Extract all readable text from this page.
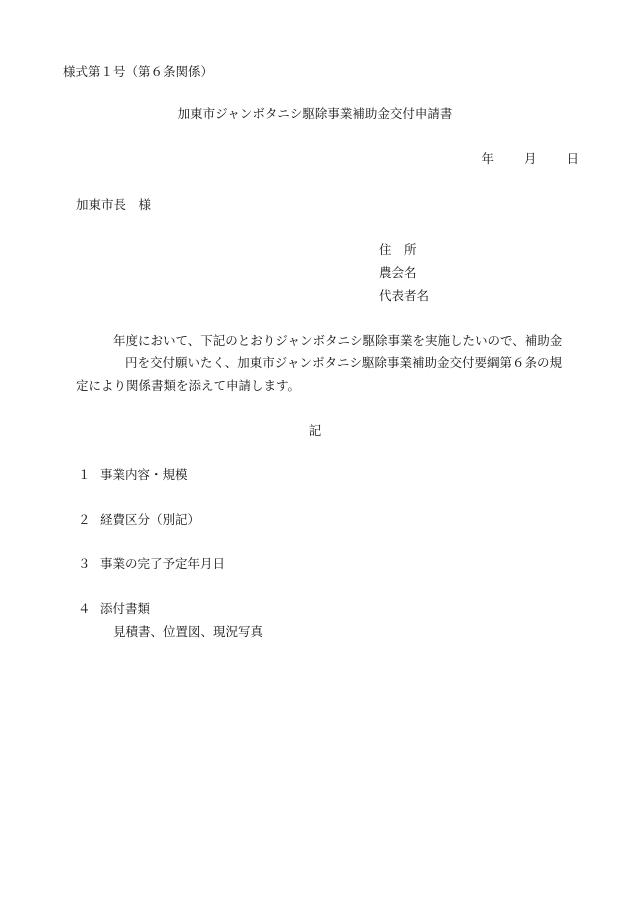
様式第１号（第６条関係）
加東市ジャンボタニシ駆除事業補助金交付申請書
年 月 日
加東市長　様
住　所
農会名
代表者名
年度において、下記のとおりジャンボタニシ駆除事業を実施したいので、補助金
円を交付願いたく、加東市ジャンボタニシ駆除事業補助金交付要綱第６条の規
定により関係書類を添えて申請します。
記
１ 事業内容・規模
２ 経費区分（別記）
３ 事業の完了予定年月日
４ 添付書類
見積書、位置図、現況写真
